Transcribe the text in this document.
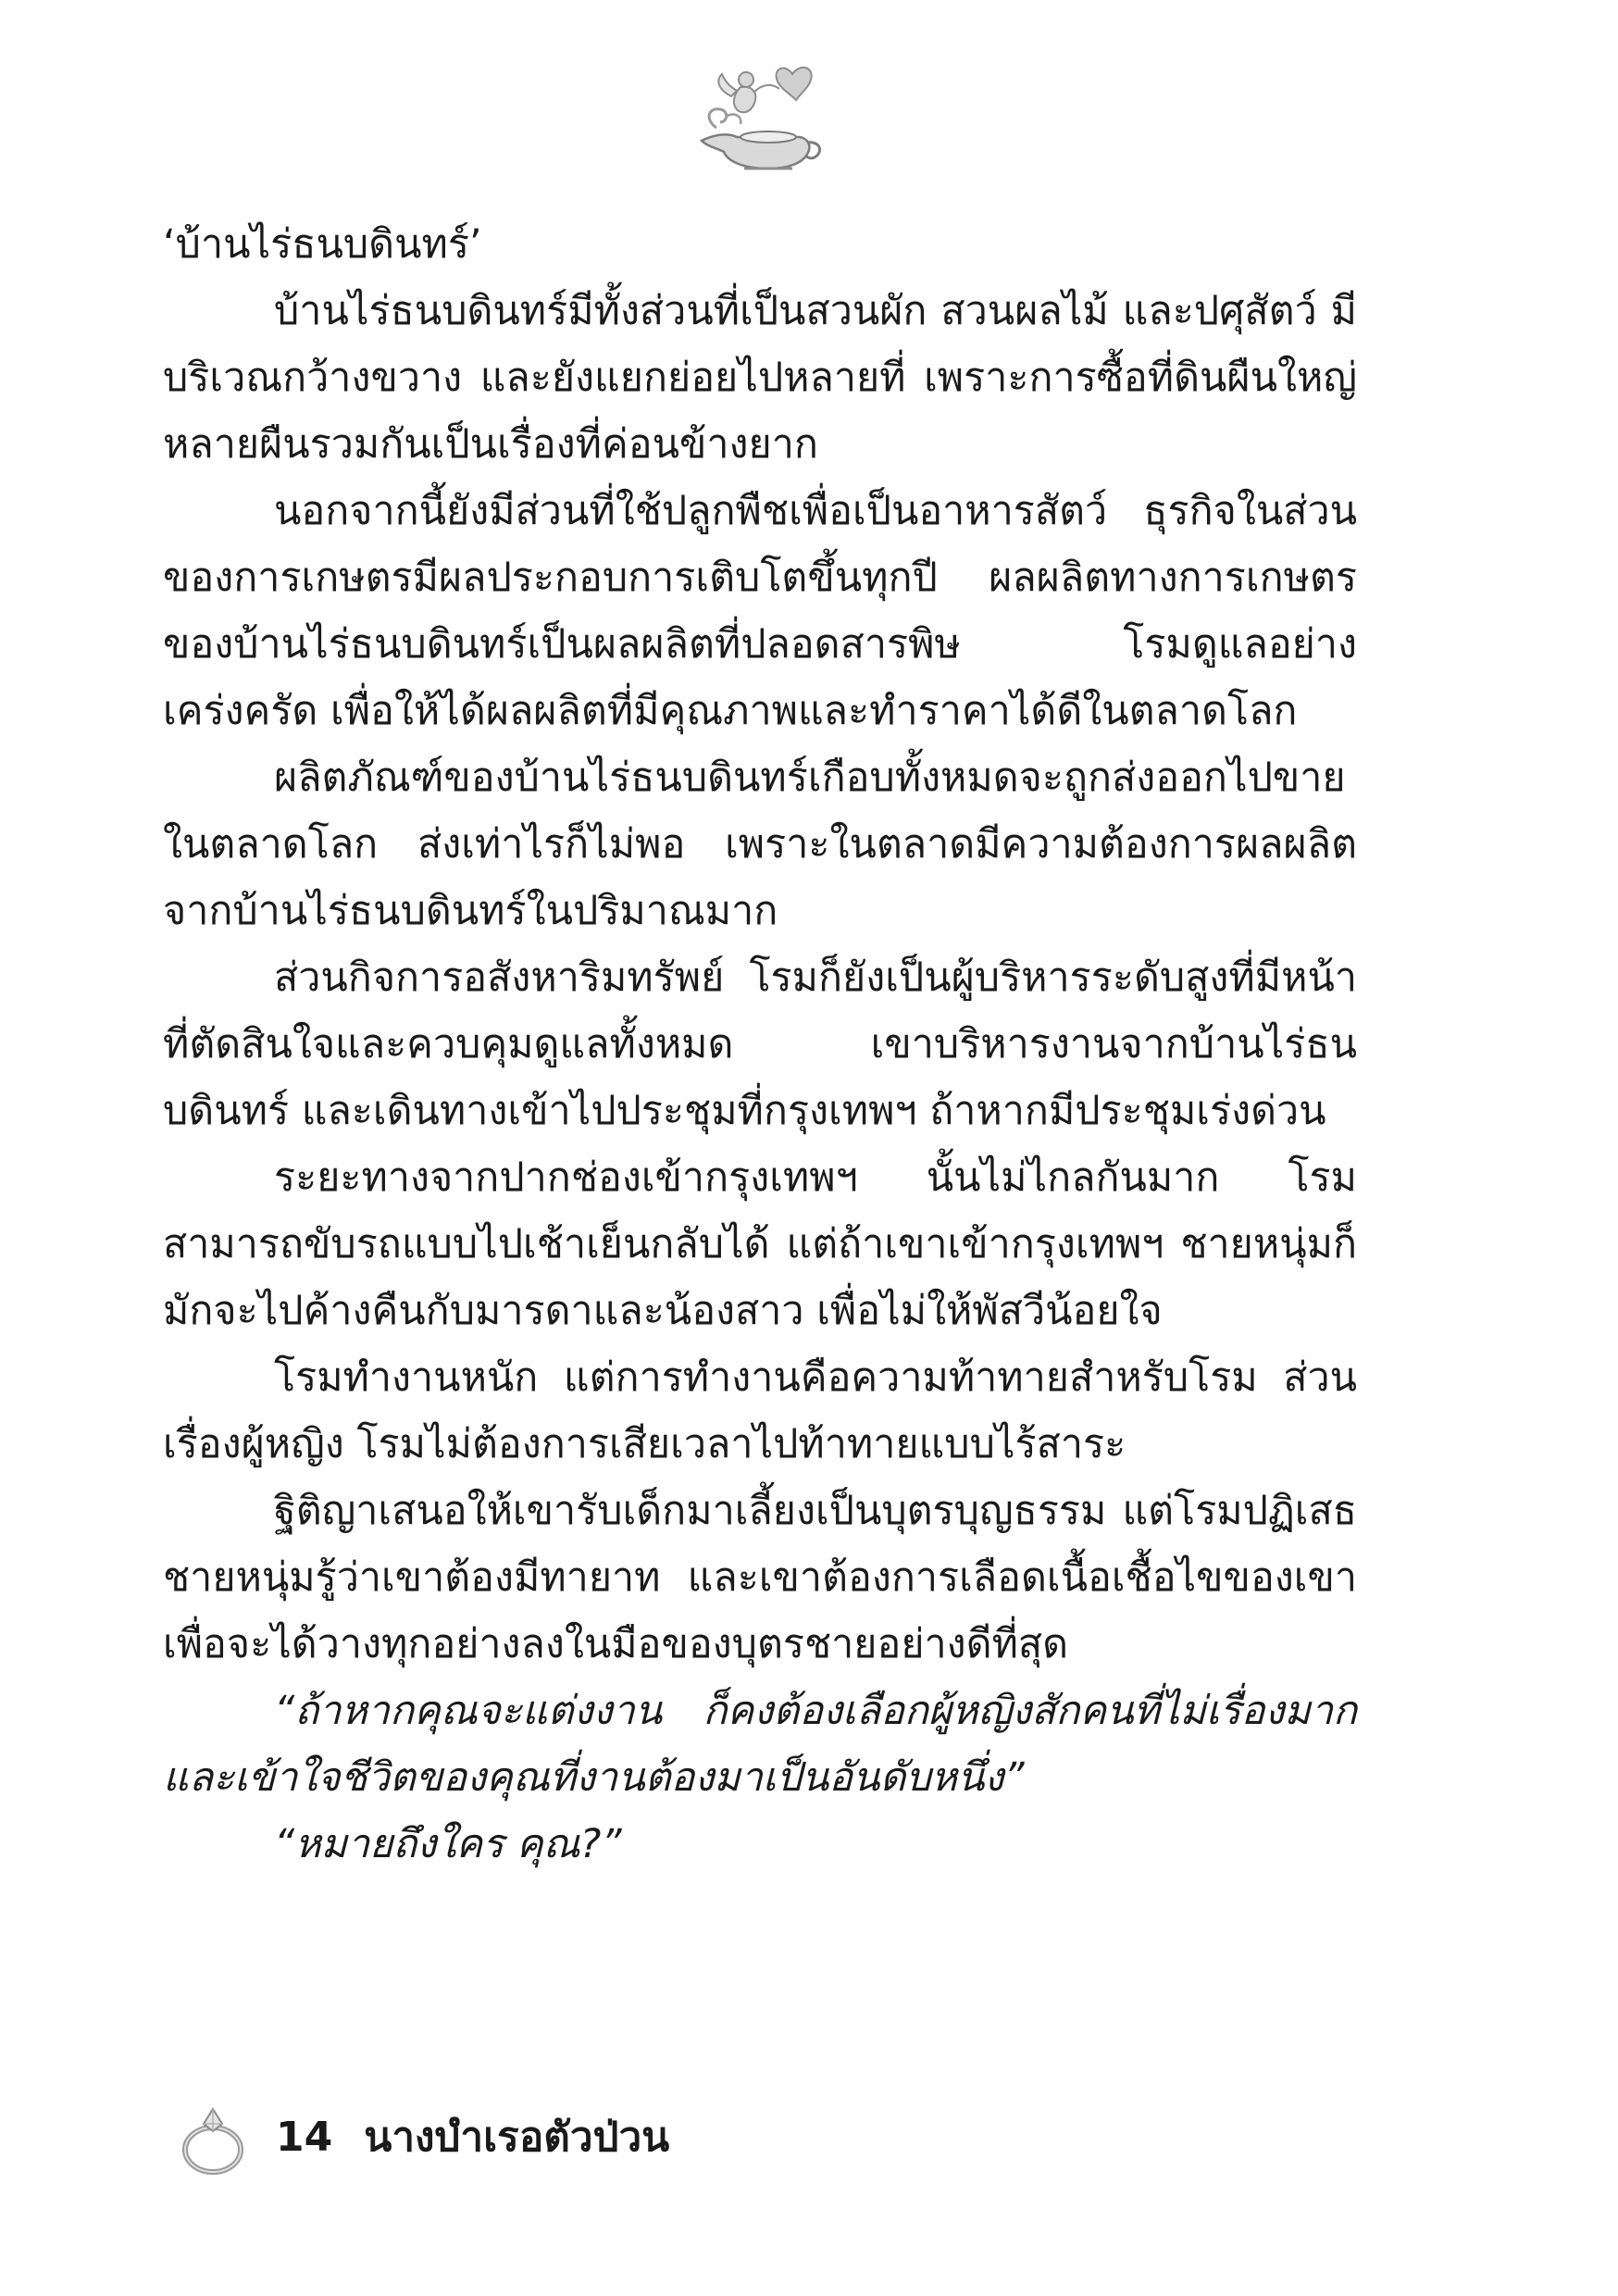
‘บ้านไร่ธนบดินทร์’

บ้านไร่ธนบดินทร์มีทั้งส่วนที่เป็นสวนผัก สวนผลไม้ และปศุสัตว์ มีบริเวณกว้างขวาง และยังแยกย่อยไปหลายที่ เพราะการซื้อที่ดินผืนใหญ่หลายผืนรวมกันเป็นเรื่องที่ค่อนข้างยาก

นอกจากนี้ยังมีส่วนที่ใช้ปลูกพืชเพื่อเป็นอาหารสัตว์ ธุรกิจในส่วนของการเกษตรมีผลประกอบการเติบโตขึ้นทุกปี ผลผลิตทางการเกษตรของบ้านไร่ธนบดินทร์เป็นผลผลิตที่ปลอดสารพิษ โรมดูแลอย่างเคร่งครัด เพื่อให้ได้ผลผลิตที่มีคุณภาพและทำราคาได้ดีในตลาดโลก

ผลิตภัณฑ์ของบ้านไร่ธนบดินทร์เกือบทั้งหมดจะถูกส่งออกไปขายในตลาดโลก ส่งเท่าไรก็ไม่พอ เพราะในตลาดมีความต้องการผลผลิตจากบ้านไร่ธนบดินทร์ในปริมาณมาก

ส่วนกิจการอสังหาริมทรัพย์ โรมก็ยังเป็นผู้บริหารระดับสูงที่มีหน้าที่ตัดสินใจและควบคุมดูแลทั้งหมด เขาบริหารงานจากบ้านไร่ธนบดินทร์ และเดินทางเข้าไปประชุมที่กรุงเทพฯ ถ้าหากมีประชุมเร่งด่วน

ระยะทางจากปากช่องเข้ากรุงเทพฯ นั้นไม่ไกลกันมาก โรมสามารถขับรถแบบไปเช้าเย็นกลับได้ แต่ถ้าเขาเข้ากรุงเทพฯ ชายหนุ่มก็มักจะไปค้างคืนกับมารดาและน้องสาว เพื่อไม่ให้พัสวีน้อยใจ

โรมทำงานหนัก แต่การทำงานคือความท้าทายสำหรับโรม ส่วนเรื่องผู้หญิง โรมไม่ต้องการเสียเวลาไปท้าทายแบบไร้สาระ

ฐิติญาเสนอให้เขารับเด็กมาเลี้ยงเป็นบุตรบุญธรรม แต่โรมปฏิเสธ ชายหนุ่มรู้ว่าเขาต้องมีทายาท และเขาต้องการเลือดเนื้อเชื้อไขของเขา เพื่อจะได้วางทุกอย่างลงในมือของบุตรชายอย่างดีที่สุด

“ถ้าหากคุณจะแต่งงาน ก็คงต้องเลือกผู้หญิงสักคนที่ไม่เรื่องมากและเข้าใจชีวิตของคุณที่งานต้องมาเป็นอันดับหนึ่ง”

“หมายถึงใคร คุณ?”

14 นางบำเรอตัวป่วน
